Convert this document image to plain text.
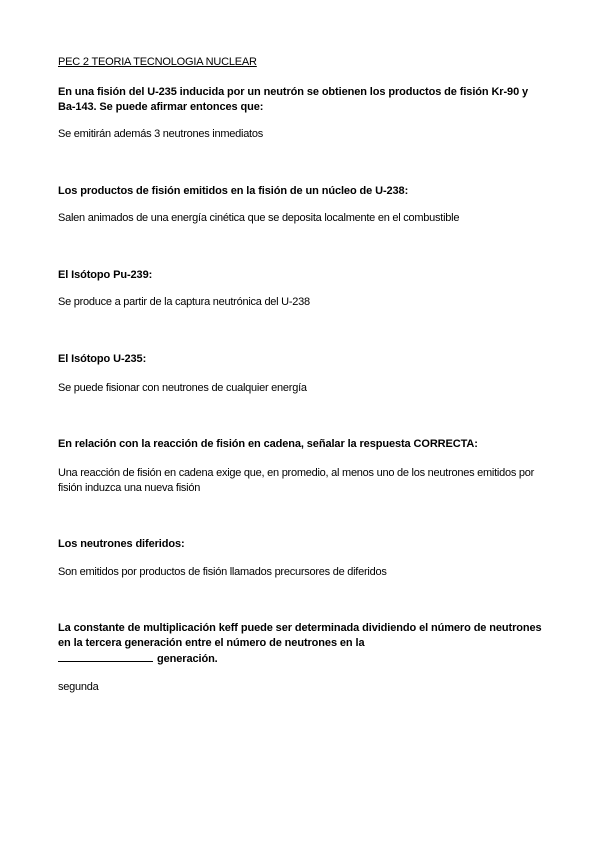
PEC 2 TEORIA TECNOLOGIA NUCLEAR
En una fisión del U-235 inducida por un neutrón se obtienen los productos de fisión Kr-90 y Ba-143. Se puede afirmar entonces que:
Se emitirán además 3 neutrones inmediatos
Los productos de fisión emitidos en la fisión de un núcleo de U-238:
Salen animados de una energía cinética que se deposita localmente en el combustible
El Isótopo Pu-239:
Se produce a partir de la captura neutrónica del U-238
El Isótopo U-235:
Se puede fisionar con neutrones de cualquier energía
En relación con la reacción de fisión en cadena, señalar la respuesta CORRECTA:
Una reacción de fisión en cadena exige que, en promedio, al menos uno de los neutrones emitidos por fisión induzca una nueva fisión
Los neutrones diferidos:
Son emitidos por productos de fisión llamados precursores de diferidos
La constante de multiplicación keff puede ser determinada dividiendo el número de neutrones en la tercera generación entre el número de neutrones en la
generación.
segunda
